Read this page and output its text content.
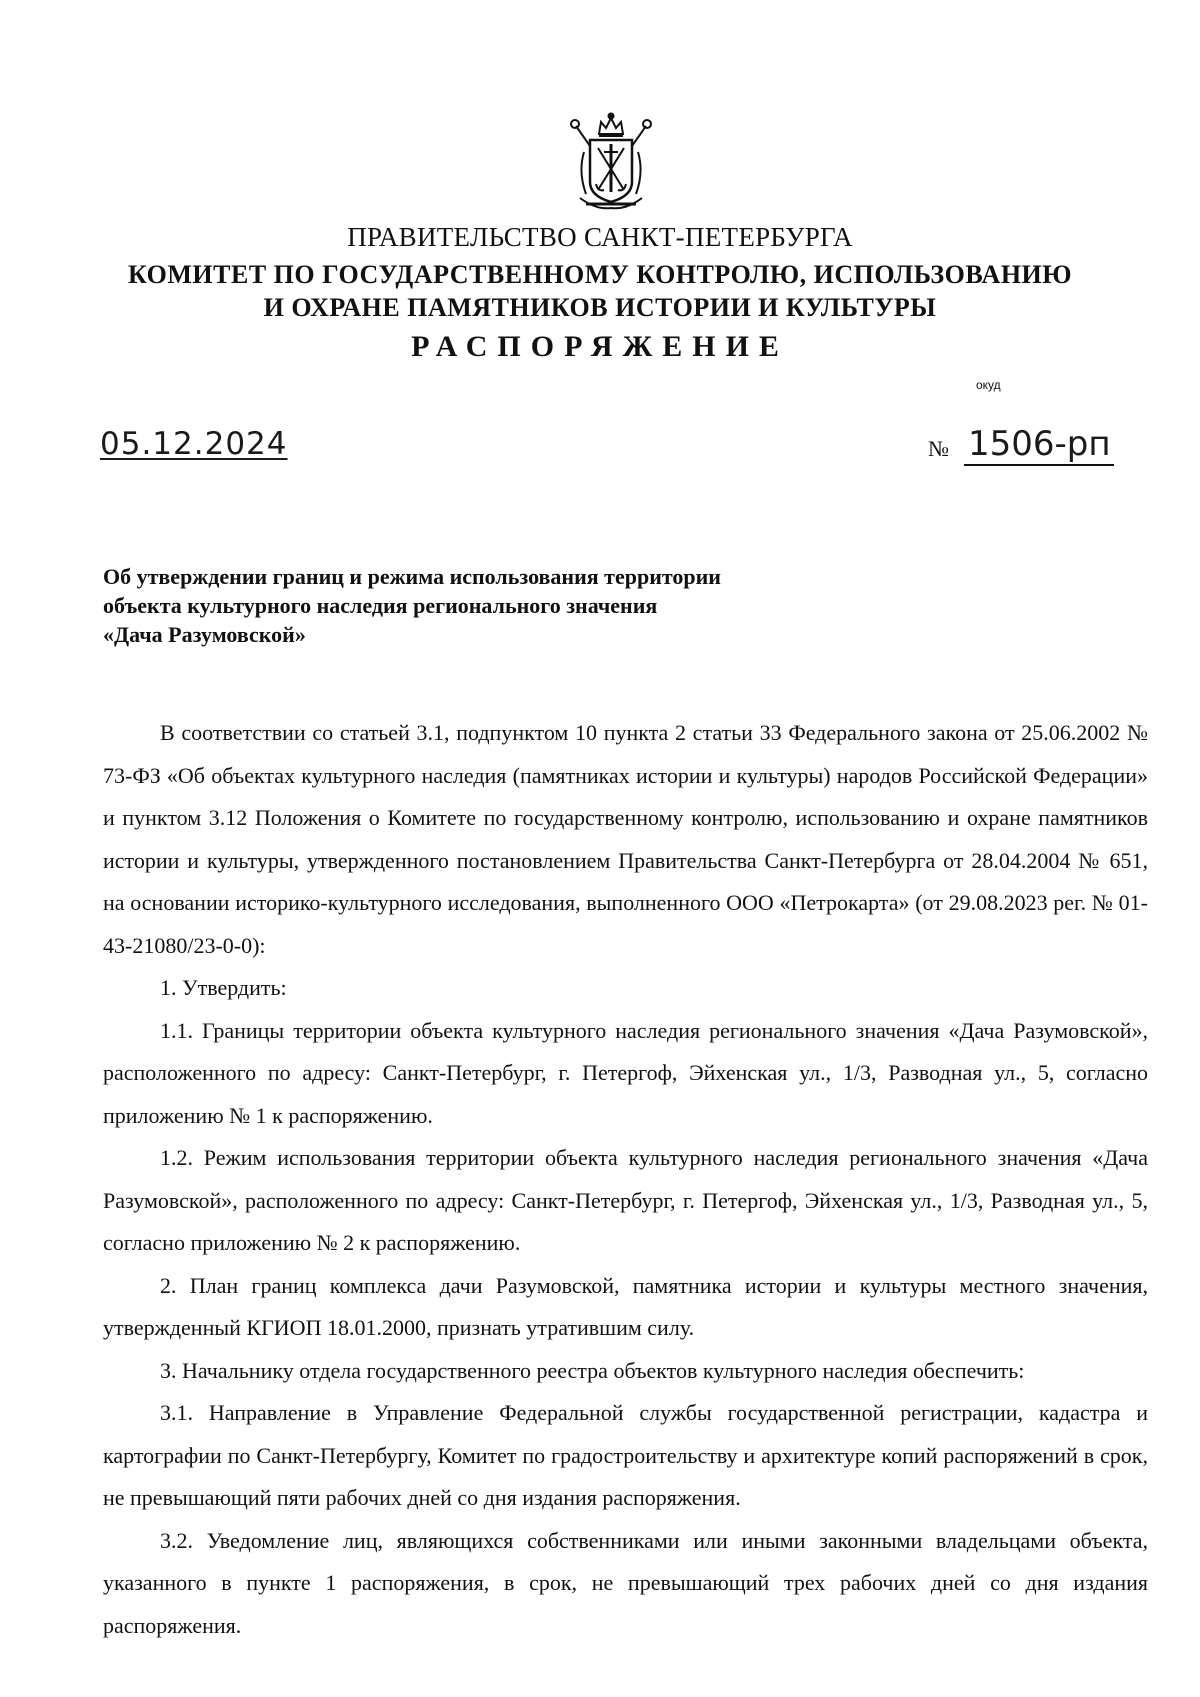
ПРАВИТЕЛЬСТВО САНКТ-ПЕТЕРБУРГА
КОМИТЕТ ПО ГОСУДАРСТВЕННОМУ КОНТРОЛЮ, ИСПОЛЬЗОВАНИЮ
И ОХРАНЕ ПАМЯТНИКОВ ИСТОРИИ И КУЛЬТУРЫ
РАСПОРЯЖЕНИЕ
окуд
05.12.2024	№ 1506-рп
Об утверждении границ и режима использования территории
объекта культурного наследия регионального значения
«Дача Разумовской»

В соответствии со статьей 3.1, подпунктом 10 пункта 2 статьи 33 Федерального закона от 25.06.2002 № 73-ФЗ «Об объектах культурного наследия (памятниках истории и культуры) народов Российской Федерации» и пунктом 3.12 Положения о Комитете по государственному контролю, использованию и охране памятников истории и культуры, утвержденного постановлением Правительства Санкт-Петербурга от 28.04.2004 № 651, на основании историко-культурного исследования, выполненного ООО «Петрокарта» (от 29.08.2023 рег. № 01-43-21080/23-0-0):

1. Утвердить:

1.1. Границы территории объекта культурного наследия регионального значения «Дача Разумовской», расположенного по адресу: Санкт-Петербург, г. Петергоф, Эйхенская ул., 1/3, Разводная ул., 5, согласно приложению № 1 к распоряжению.

1.2. Режим использования территории объекта культурного наследия регионального значения «Дача Разумовской», расположенного по адресу: Санкт-Петербург, г. Петергоф, Эйхенская ул., 1/3, Разводная ул., 5, согласно приложению № 2 к распоряжению.

2. План границ комплекса дачи Разумовской, памятника истории и культуры местного значения, утвержденный КГИОП 18.01.2000, признать утратившим силу.

3. Начальнику отдела государственного реестра объектов культурного наследия обеспечить:

3.1. Направление в Управление Федеральной службы государственной регистрации, кадастра и картографии по Санкт-Петербургу, Комитет по градостроительству и архитектуре копий распоряжений в срок, не превышающий пяти рабочих дней со дня издания распоряжения.

3.2. Уведомление лиц, являющихся собственниками или иными законными владельцами объекта, указанного в пункте 1 распоряжения, в срок, не превышающий трех рабочих дней со дня издания распоряжения.
